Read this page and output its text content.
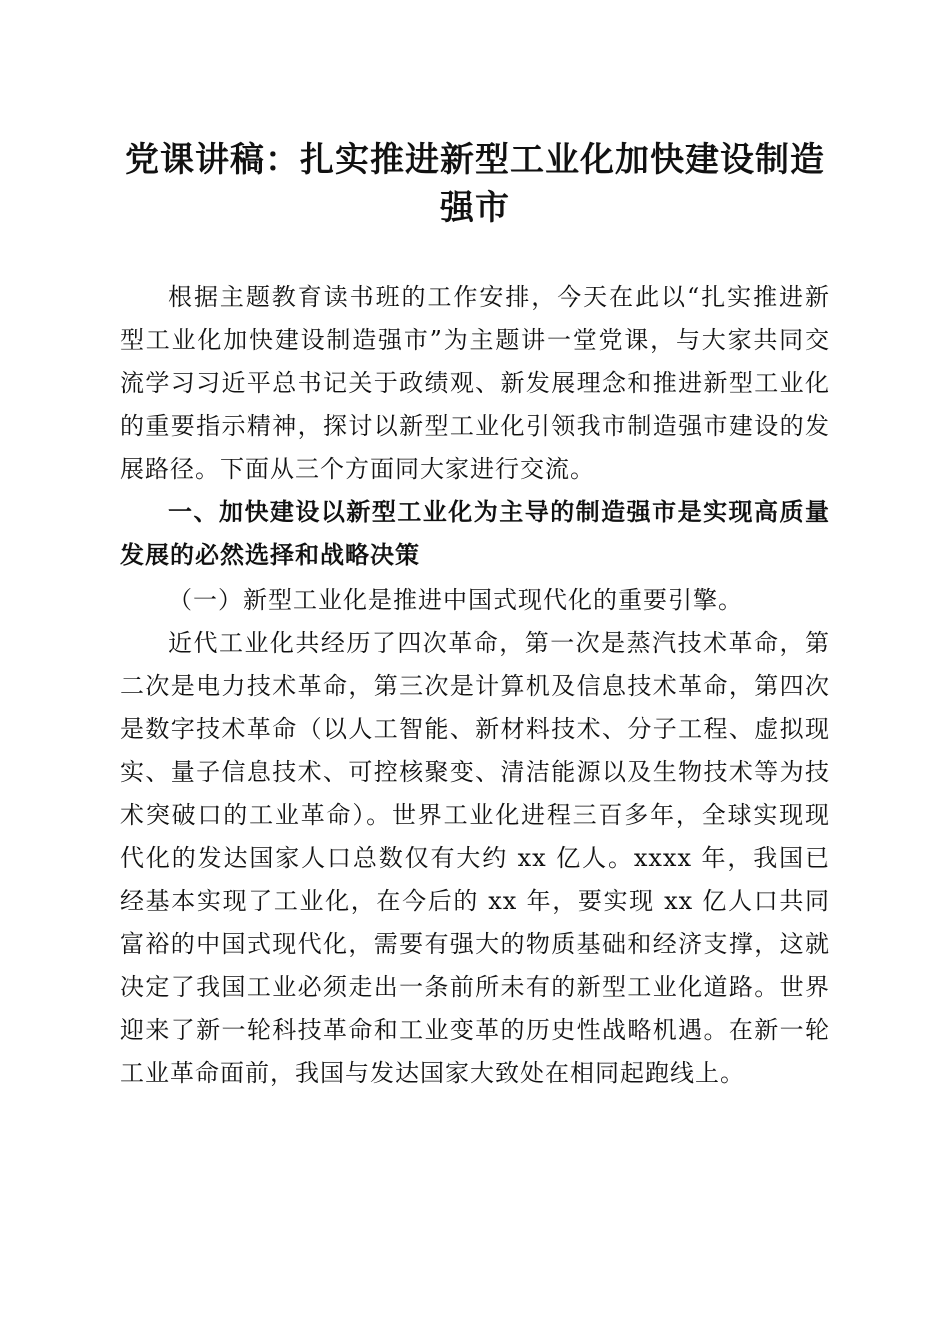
党课讲稿：扎实推进新型工业化加快建设制造
强市

根据主题教育读书班的工作安排，今天在此以“扎实推进新型工业化加快建设制造强市”为主题讲一堂党课，与大家共同交流学习习近平总书记关于政绩观、新发展理念和推进新型工业化的重要指示精神，探讨以新型工业化引领我市制造强市建设的发展路径。下面从三个方面同大家进行交流。

一、加快建设以新型工业化为主导的制造强市是实现高质量发展的必然选择和战略决策

（一）新型工业化是推进中国式现代化的重要引擎。

近代工业化共经历了四次革命，第一次是蒸汽技术革命，第二次是电力技术革命，第三次是计算机及信息技术革命，第四次是数字技术革命（以人工智能、新材料技术、分子工程、虚拟现实、量子信息技术、可控核聚变、清洁能源以及生物技术等为技术突破口的工业革命）。世界工业化进程三百多年，全球实现现代化的发达国家人口总数仅有大约 xx 亿人。xxxx 年，我国已经基本实现了工业化，在今后的 xx 年，要实现 xx 亿人口共同富裕的中国式现代化，需要有强大的物质基础和经济支撑，这就决定了我国工业必须走出一条前所未有的新型工业化道路。世界迎来了新一轮科技革命和工业变革的历史性战略机遇。在新一轮工业革命面前，我国与发达国家大致处在相同起跑线上。
